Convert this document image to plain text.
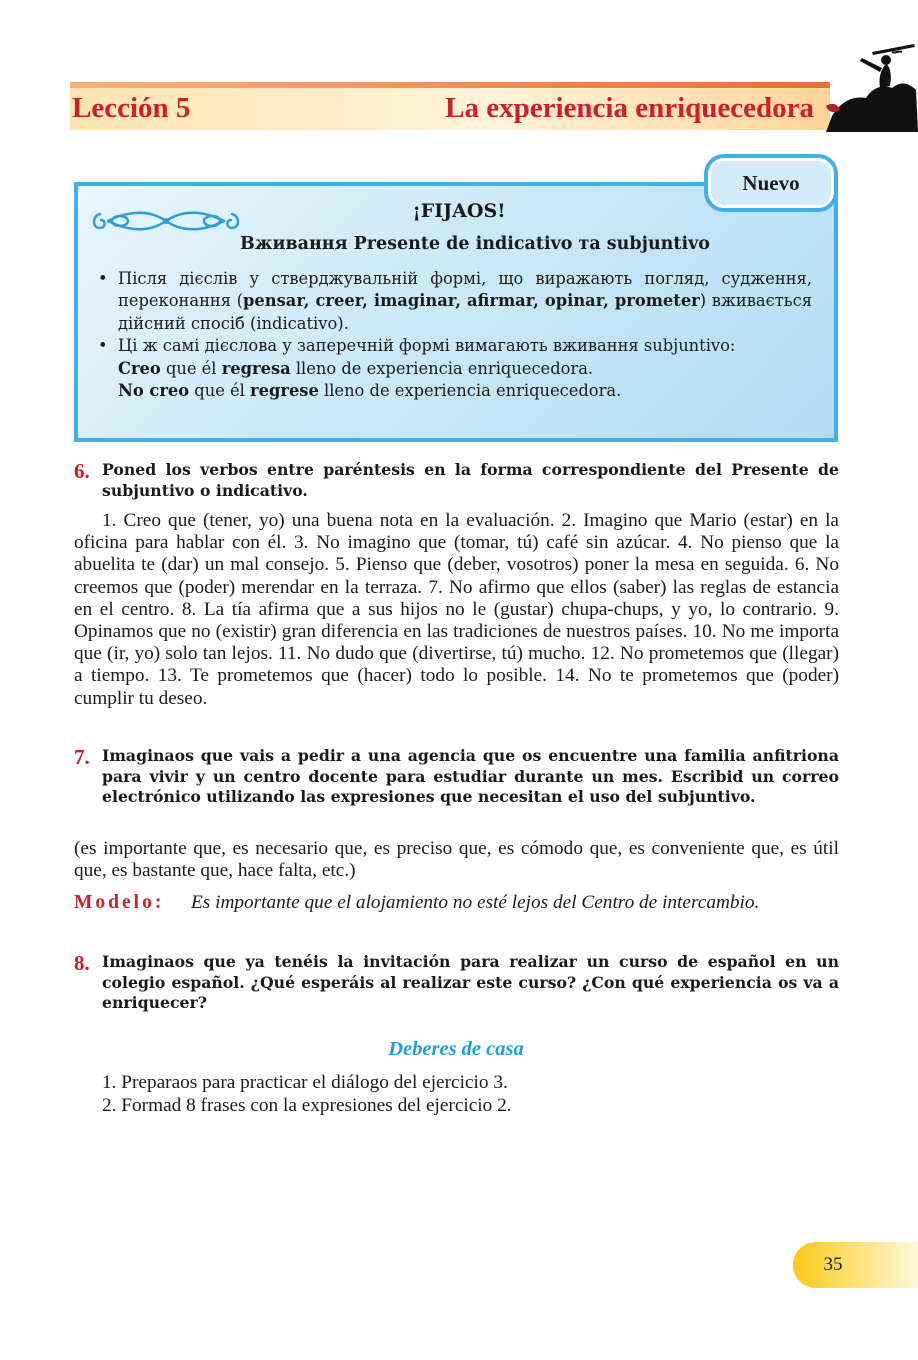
Lección 5	La experiencia enriquecedora
Nuevo
¡FIJAOS!
Вживання Presente de indicativo та subjuntivo
• Після дієслів у стверджувальній формі, що виражають погляд, судження, переконання (pensar, creer, imaginar, afirmar, opinar, prometer) вживається дійсний спосіб (indicativo).
• Ці ж самі дієслова у заперечній формі вимагають вживання subjuntivo:
Creo que él regresa lleno de experiencia enriquecedora.
No creo que él regrese lleno de experiencia enriquecedora.
6. Poned los verbos entre paréntesis en la forma correspondiente del Presente de subjuntivo o indicativo.
1. Creo que (tener, yo) una buena nota en la evaluación. 2. Imagino que Mario (estar) en la oficina para hablar con él. 3. No imagino que (tomar, tú) café sin azúcar. 4. No pienso que la abuelita te (dar) un mal consejo. 5. Pienso que (deber, vosotros) poner la mesa en seguida. 6. No creemos que (poder) merendar en la terraza. 7. No afirmo que ellos (saber) las reglas de estancia en el centro. 8. La tía afirma que a sus hijos no le (gustar) chupa-chups, y yo, lo contrario. 9. Opinamos que no (existir) gran diferencia en las tradiciones de nuestros países. 10. No me importa que (ir, yo) solo tan lejos. 11. No dudo que (divertirse, tú) mucho. 12. No prometemos que (llegar) a tiempo. 13. Te prometemos que (hacer) todo lo posible. 14. No te prometemos que (poder) cumplir tu deseo.
7. Imaginaos que vais a pedir a una agencia que os encuentre una familia anfitriona para vivir y un centro docente para estudiar durante un mes. Escribid un correo electrónico utilizando las expresiones que necesitan el uso del subjuntivo.
(es importante que, es necesario que, es preciso que, es cómodo que, es conveniente que, es útil que, es bastante que, hace falta, etc.)
Modelo: Es importante que el alojamiento no esté lejos del Centro de intercambio.
8. Imaginaos que ya tenéis la invitación para realizar un curso de español en un colegio español. ¿Qué esperáis al realizar este curso? ¿Con qué experiencia os va a enriquecer?
Deberes de casa
1. Preparaos para practicar el diálogo del ejercicio 3.
2. Formad 8 frases con la expresiones del ejercicio 2.
35
